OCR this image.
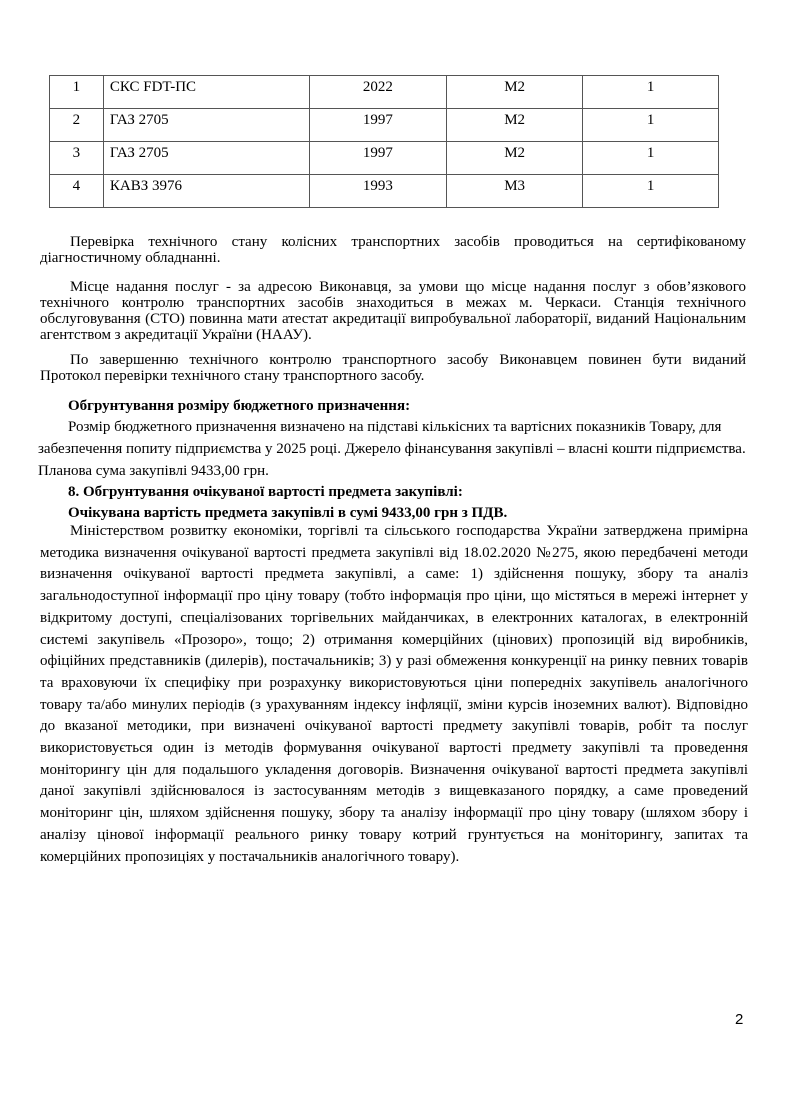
1	СКС FDT-ПС	2022	М2	1
2	ГАЗ 2705	1997	М2	1
3	ГАЗ 2705	1997	М2	1
4	КАВЗ 3976	1993	М3	1

Перевірка технічного стану колісних транспортних засобів проводиться на сертифікованому діагностичному обладнанні.

Місце надання послуг - за адресою Виконавця, за умови що місце надання послуг з обов’язкового технічного контролю транспортних засобів знаходиться в межах м. Черкаси. Станція технічного обслуговування (СТО) повинна мати атестат акредитації випробувальної лабораторії, виданий Національним агентством з акредитації України (НААУ).

По завершенню технічного контролю транспортного засобу Виконавцем повинен бути виданий Протокол перевірки технічного стану транспортного засобу.

Обгрунтування розміру бюджетного призначення:

Розмір бюджетного призначення визначено на підставі кількісних та вартісних показників Товару, для забезпечення попиту підприємства у 2025 році. Джерело фінансування закупівлі – власні кошти підприємства. Планова сума закупівлі 9433,00 грн.

8. Обгрунтування очікуваної вартості предмета закупівлі:
Очікувана вартість предмета закупівлі в сумі 9433,00 грн з ПДВ.

Міністерством розвитку економіки, торгівлі та сільського господарства України затверджена примірна методика визначення очікуваної вартості предмета закупівлі від 18.02.2020 №275, якою передбачені методи визначення очікуваної вартості предмета закупівлі, а саме: 1) здійснення пошуку, збору та аналіз загальнодоступної інформації про ціну товару (тобто інформація про ціни, що містяться в мережі інтернет у відкритому доступі, спеціалізованих торгівельних майданчиках, в електронних каталогах, в електронній системі закупівель «Прозоро», тощо; 2) отримання комерційних (цінових) пропозицій від виробників, офіційних представників (дилерів), постачальників; 3) у разі обмеження конкуренції на ринку певних товарів та враховуючи їх специфіку при розрахунку використовуються ціни попередніх закупівель аналогічного товару та/або минулих періодів (з урахуванням індексу інфляції, зміни курсів іноземних валют). Відповідно до вказаної методики, при визначені очікуваної вартості предмету закупівлі товарів, робіт та послуг використовується один із методів формування очікуваної вартості предмету закупівлі та проведення моніторингу цін для подальшого укладення договорів. Визначення очікуваної вартості предмета закупівлі даної закупівлі здійснювалося із застосуванням методів з вищевказаного порядку, а саме проведений моніторинг цін, шляхом здійснення пошуку, збору та аналізу інформації про ціну товару (шляхом збору і аналізу цінової інформації реального ринку товару котрий грунтується на моніторингу, запитах та комерційних пропозиціях у постачальників аналогічного товару).

2
